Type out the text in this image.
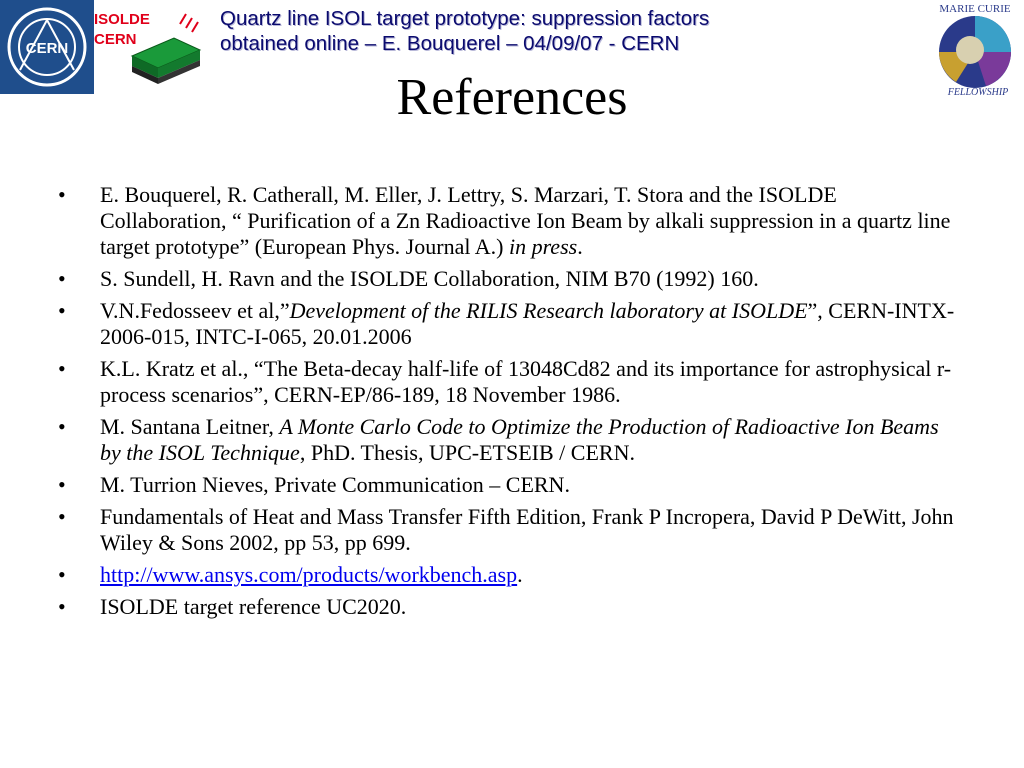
CERN
ISOLDE
CERN
Quartz line ISOL target prototype: suppression factors
obtained online – E. Bouquerel – 04/09/07 - CERN
MARIE CURIE
FELLOWSHIP
References
• E. Bouquerel, R. Catherall, M. Eller, J. Lettry, S. Marzari, T. Stora and the ISOLDE Collaboration, “ Purification of a Zn Radioactive Ion Beam by alkali suppression in a quartz line target prototype” (European Phys. Journal A.) in press.
• S. Sundell, H. Ravn and the ISOLDE Collaboration, NIM B70 (1992) 160.
• V.N.Fedosseev et al,”Development of the RILIS Research laboratory at ISOLDE”, CERN-INTX-2006-015, INTC-I-065, 20.01.2006
• K.L. Kratz et al., “The Beta-decay half-life of 13048Cd82 and its importance for astrophysical r-process scenarios”, CERN-EP/86-189, 18 November 1986.
• M. Santana Leitner, A Monte Carlo Code to Optimize the Production of Radioactive Ion Beams by the ISOL Technique, PhD. Thesis, UPC-ETSEIB / CERN.
• M. Turrion Nieves, Private Communication – CERN.
• Fundamentals of Heat and Mass Transfer Fifth Edition, Frank P Incropera, David P DeWitt, John Wiley & Sons 2002, pp 53, pp 699.
• http://www.ansys.com/products/workbench.asp.
• ISOLDE target reference UC2020.
